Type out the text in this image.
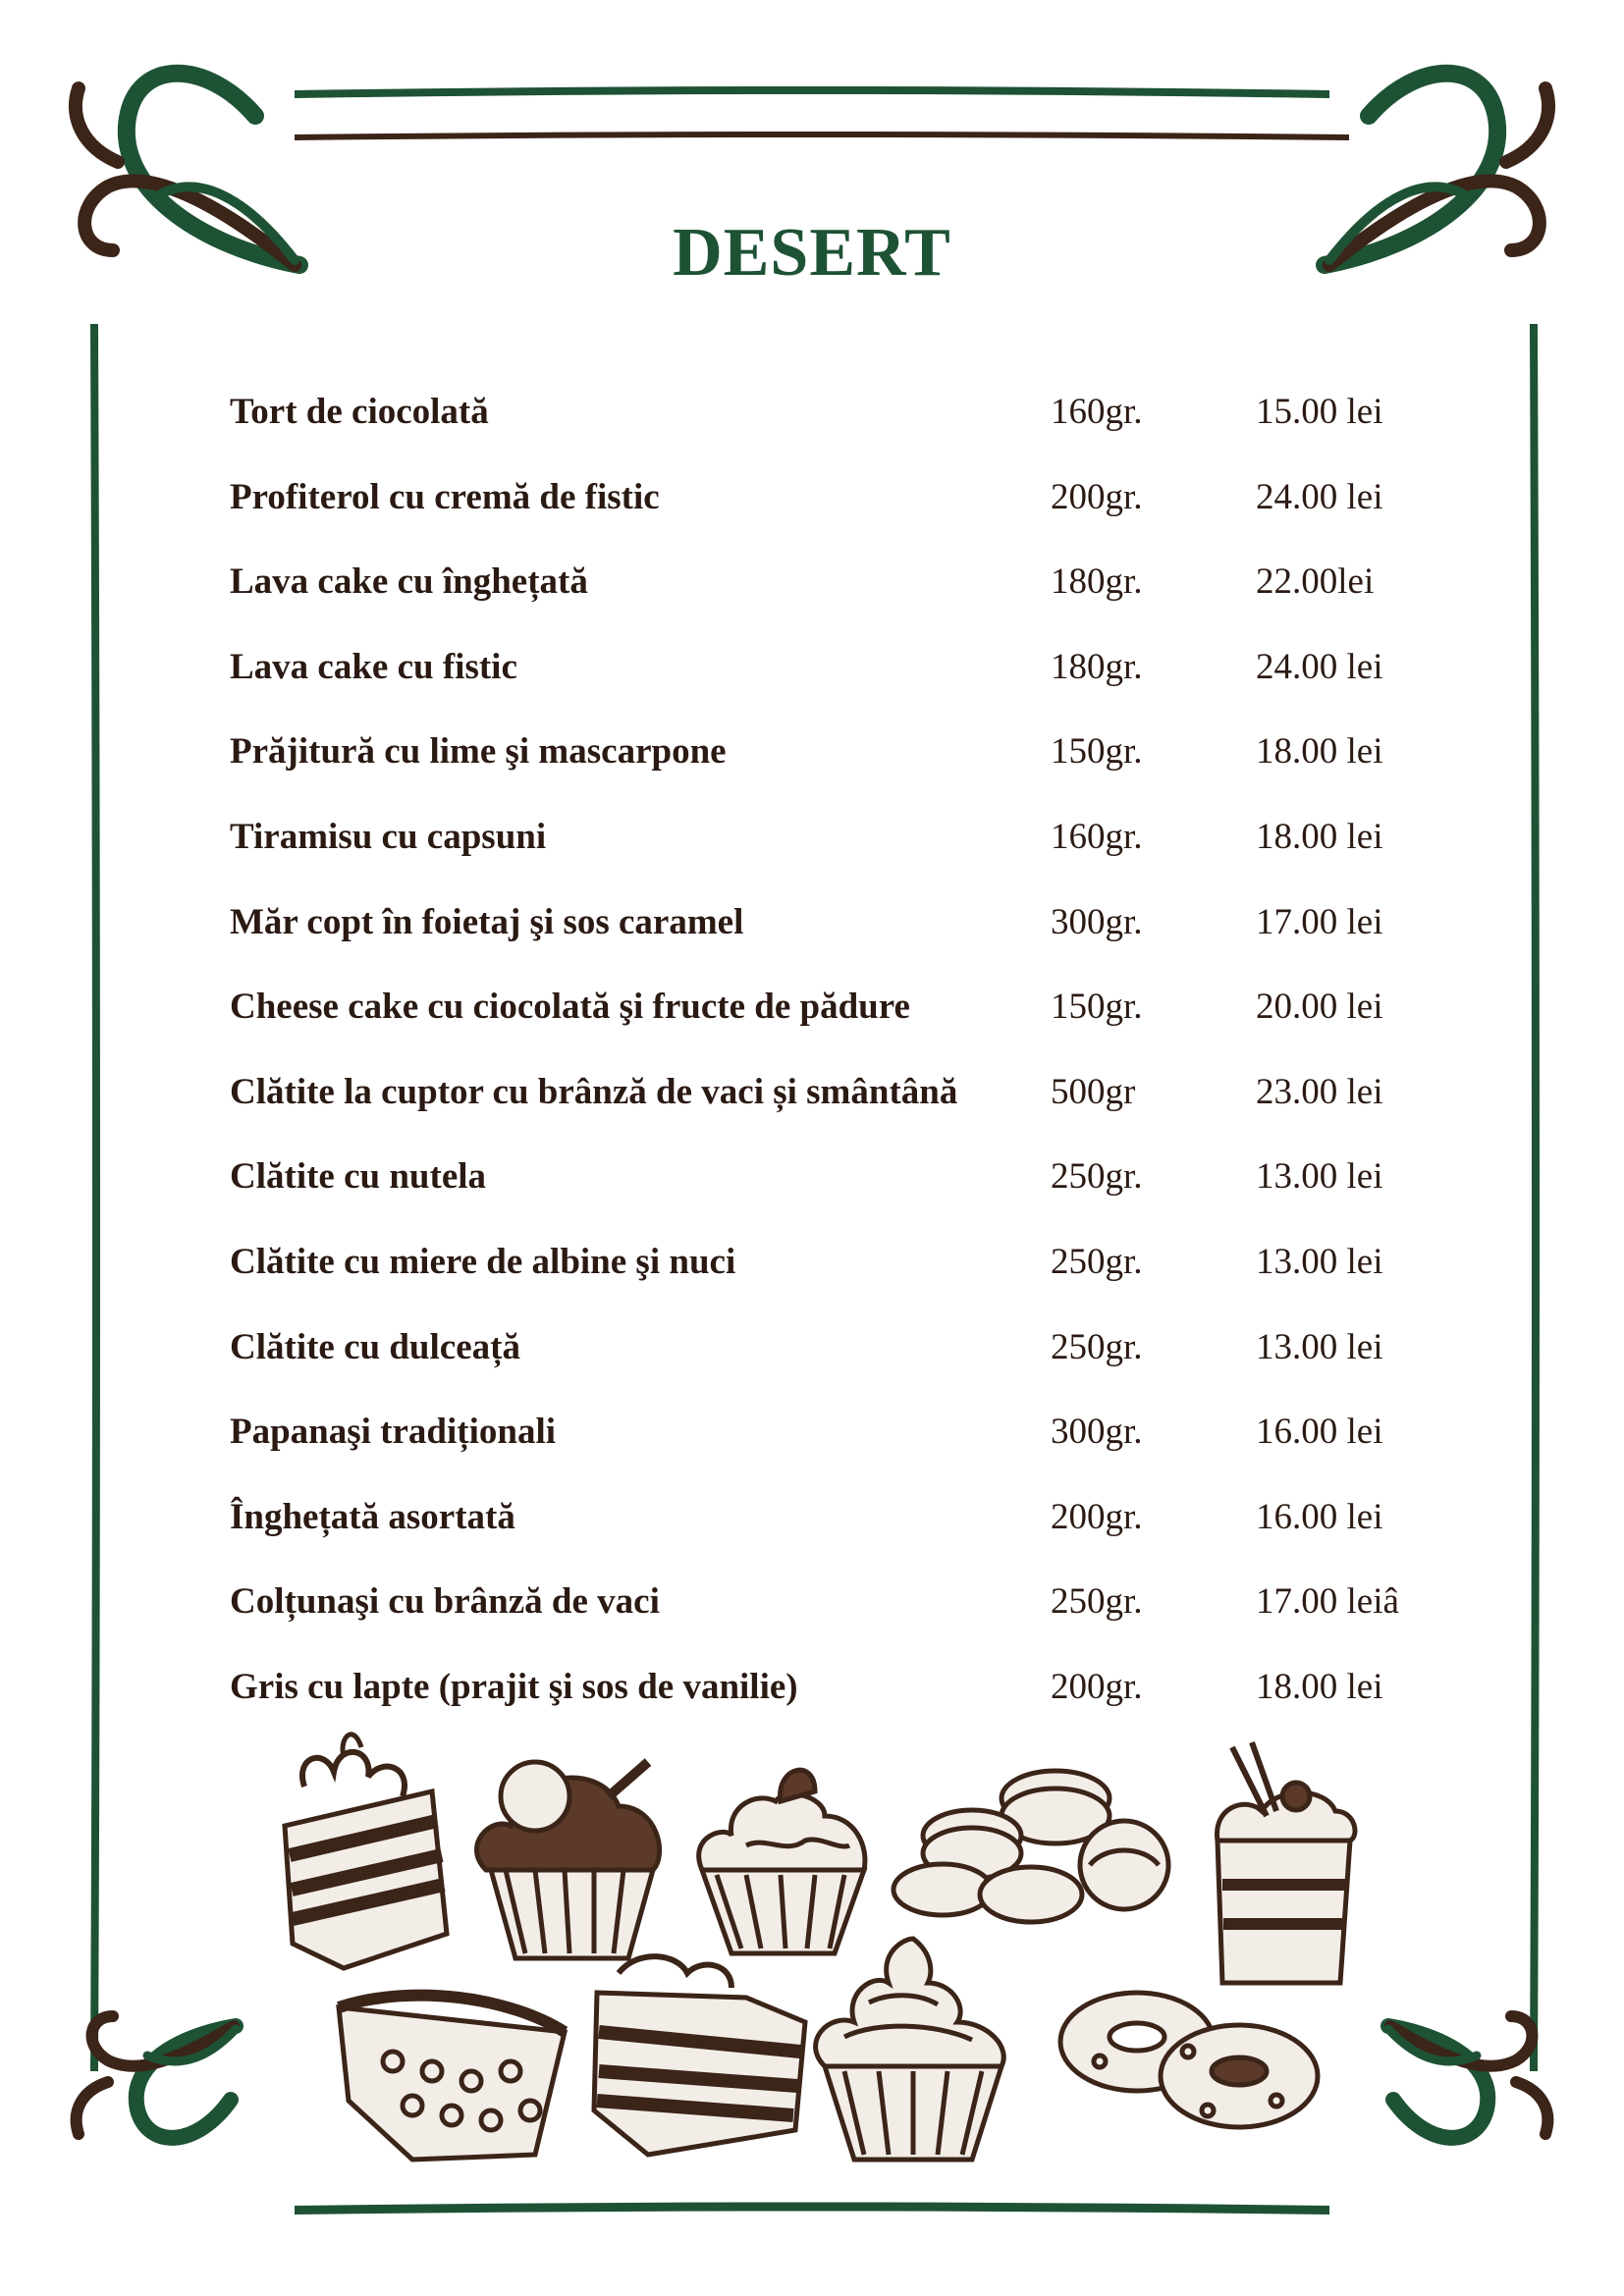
DESERT
Tort de ciocolată	160gr.	15.00 lei
Profiterol cu cremă de fistic	200gr.	24.00 lei
Lava cake cu înghețată	180gr.	22.00lei
Lava cake cu fistic	180gr.	24.00 lei
Prăjitură cu lime şi mascarpone	150gr.	18.00 lei
Tiramisu cu capsuni	160gr.	18.00 lei
Măr copt în foietaj şi sos caramel	300gr.	17.00 lei
Cheese cake cu ciocolată şi fructe de pădure	150gr.	20.00 lei
Clătite la cuptor cu brânză de vaci și smântână	500gr	23.00 lei
Clătite cu nutela	250gr.	13.00 lei
Clătite cu miere de albine şi nuci	250gr.	13.00 lei
Clătite cu dulceață	250gr.	13.00 lei
Papanaşi tradiționali	300gr.	16.00 lei
Înghețată asortată	200gr.	16.00 lei
Colțunaşi cu brânză de vaci	250gr.	17.00 leiâ
Gris cu lapte (prajit şi sos de vanilie)	200gr.	18.00 lei
